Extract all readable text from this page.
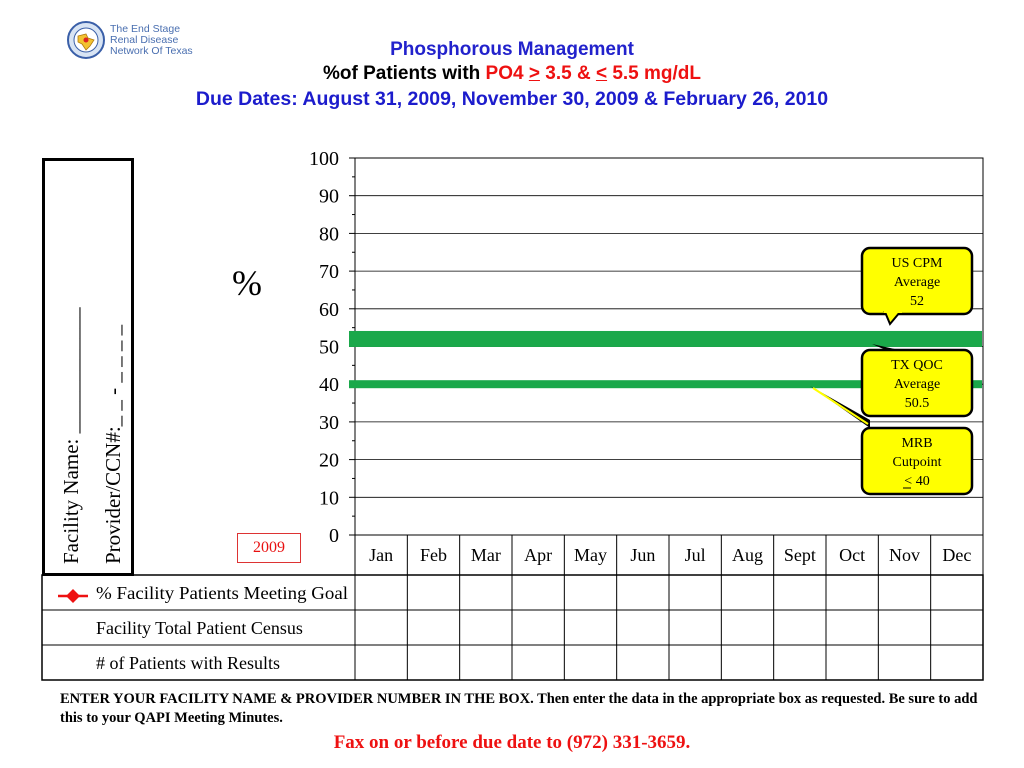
The End Stage
Renal Disease
Network Of Texas	Phosphorous Management
%of Patients with PO4 > 3.5 & < 5.5 mg/dL
Due Dates: August 31, 2009, November 30, 2009 & February 26, 2010
Facility Name: ____________ Provider/CCN#:_ _ - _ _ _ _
%
2009
0
10
20
30
40
50
60
70
80
90
100
US CPM
Average
52
TX QOC
Average
50.5
MRB
Cutpoint
< 40
Jan Feb Mar Apr May Jun Jul Aug Sept Oct Nov Dec
% Facility Patients Meeting Goal
Facility Total Patient Census
# of Patients with Results
ENTER YOUR FACILITY NAME & PROVIDER NUMBER IN THE BOX. Then enter the data in the appropriate box as requested. Be sure to add this to your QAPI Meeting Minutes.
Fax on or before due date to (972) 331-3659.
